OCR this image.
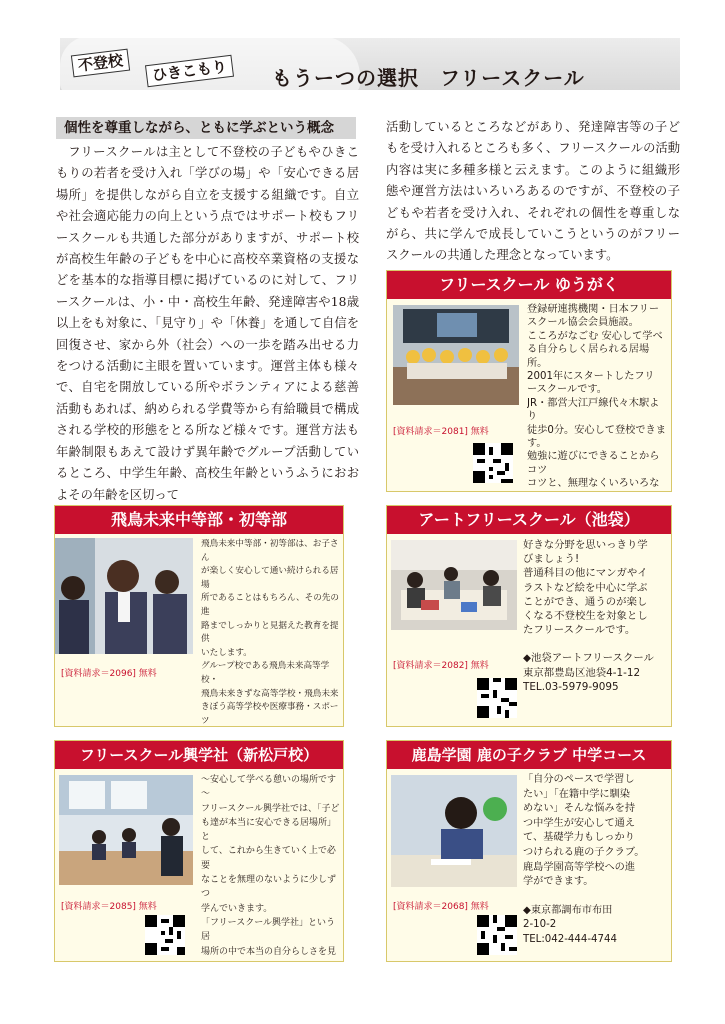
不登校	ひきこもり	もうーつの選択　フリースクール
個性を尊重しながら、ともに学ぶという概念
フリースクールは主として不登校の子どもやひきこもりの若者を受け入れ「学びの場」や「安心できる居場所」を提供しながら自立を支援する組織です。自立や社会適応能力の向上という点ではサポート校もフリースクールも共通した部分がありますが、サポート校が高校生年齢の子どもを中心に高校卒業資格の支援などを基本的な指導目標に掲げているのに対して、フリースクールは、小・中・高校生年齢、発達障害や18歳以上をも対象に、「見守り」や「休養」を通して自信を回復させ、家から外（社会）への一歩を踏み出せる力をつける活動に主眼を置いています。運営主体も様々で、自宅を開放している所やボランティアによる慈善活動もあれば、納められる学費等から有給職員で構成される学校的形態をとる所など様々です。運営方法も年齢制限もあえて設けず異年齢でグループ活動しているところ、中学生年齢、高校生年齢というふうにおおよその年齢を区切って
活動しているところなどがあり、発達障害等の子どもを受け入れるところも多く、フリースクールの活動内容は実に多種多様と云えます。このように組織形態や運営方法はいろいろあるのですが、不登校の子どもや若者を受け入れ、それぞれの個性を尊重しながら、共に学んで成長していこうというのがフリースクールの共通した理念となっています。
フリースクール ゆうがく

登録研連携機関・日本フリー

スクール協会会員施設。

こころがなごむ 安心して学べ

る自分らしく居られる居場所。

2001年にスタートしたフリ

ースクールです。

JR・都営大江戸線代々木駅より

徒歩0分。安心して登校できます。

勉強に遊びにできることからコツ

コツと、無理なくいろいろな

[資料請求＝2081] 無料
飛鳥未来中等部・初等部

飛鳥未来中等部・初等部は、お子さん

が楽しく安心して通い続けられる居場

所であることはもちろん、その先の進

路までしっかりと見据えた教育を提供

いたします。

グループ校である飛鳥未来高等学校・

飛鳥未来きずな高等学校・飛鳥未来

きぼう高等学校や医療事務・スポーツ

[資料請求＝2096] 無料
アートフリースクール（池袋）

好きな分野を思いっきり学

びましょう!

普通科目の他にマンガやイ

ラストなど絵を中心に学ぶ

ことができ、通うのが楽し

くなる不登校生を対象とし

たフリースクールです。

◆池袋アートフリースクール

東京都豊島区池袋4-1-12

TEL.03-5979-9095

[資料請求＝2082] 無料
フリースクール興学社（新松戸校）

～安心して学べる憩いの場所です～

フリースクール興学社では、「子ど

も達が本当に安心できる居場所」と

して、これから生きていく上で必要

なことを無理のないように少しずつ

学んでいきます。

「フリースクール興学社」という居

場所の中で本当の自分らしさを見

[資料請求＝2085] 無料
鹿島学園 鹿の子クラブ 中学コース

「自分のペースで学習し

たい」「在籍中学に馴染

めない」そんな悩みを持

つ中学生が安心して通え

て、基礎学力もしっかり

つけられる鹿の子クラブ。

鹿島学園高等学校への進

学ができます。

◆東京都調布市布田

2-10-2

TEL:042-444-4744

[資料請求＝2068] 無料
